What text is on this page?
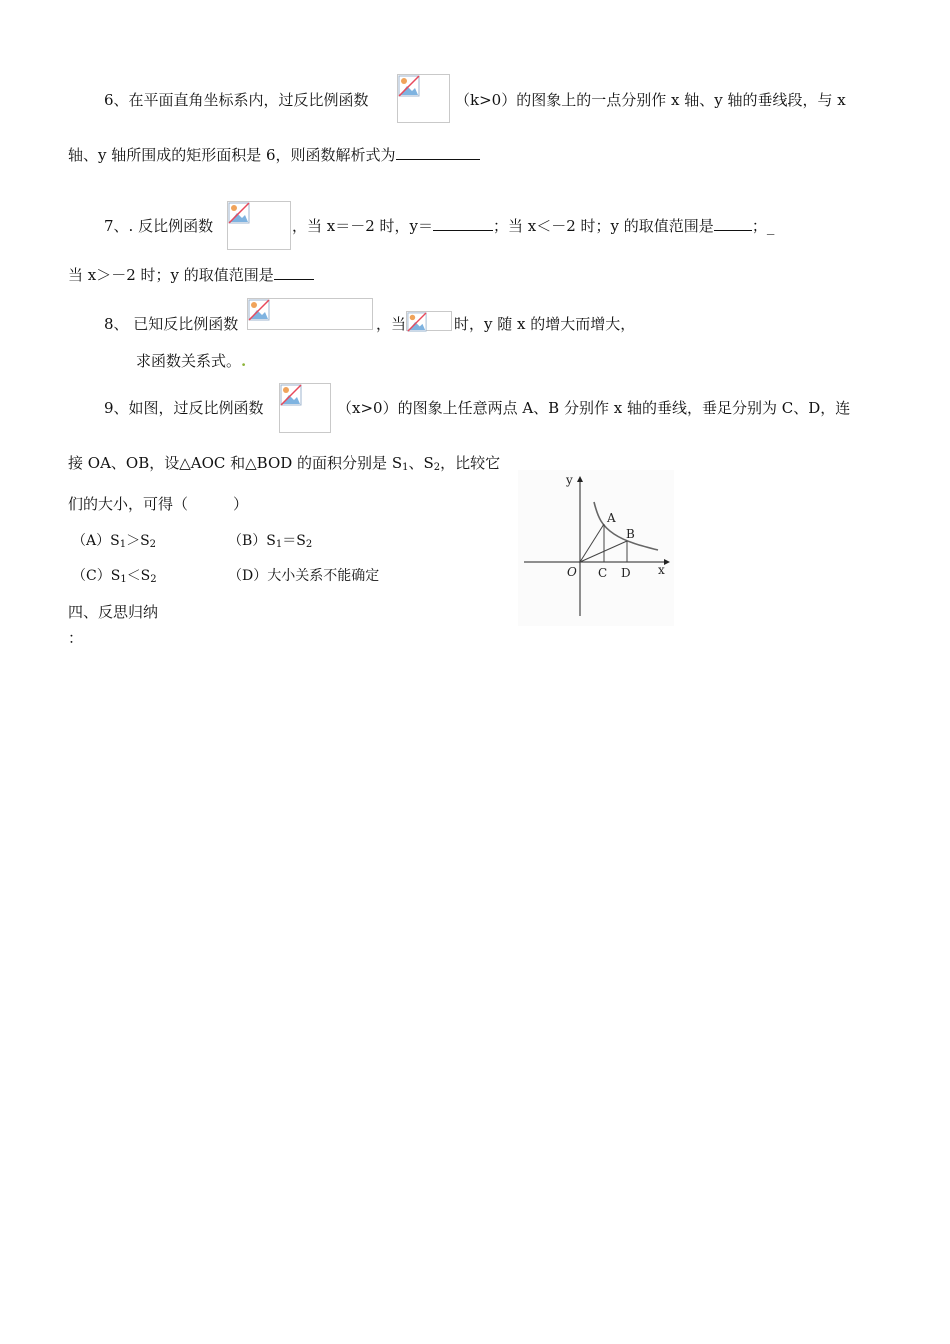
6、在平面直角坐标系内，过反比例函数	（k>0）的图象上的一点分别作 x 轴、y 轴的垂线段，与 x
轴、y 轴所围成的矩形面积是 6，则函数解析式为
7、. 反比例函数	，当 x＝－2 时，y＝	；当 x＜－2 时；y 的取值范围是	；_
当 x＞－2 时；y 的取值范围是
8、 已知反比例函数	，当	时，y 随 x 的增大而增大，
求函数关系式。.
9、如图，过反比例函数	（x>0）的图象上任意两点 A、B 分别作 x 轴的垂线，垂足分别为 C、D，连
接 OA、OB，设△AOC 和△BOD 的面积分别是 $S_1$、$S_2$，比较它
们的大小，可得（　　　）
$(A)S_1>S_2$	$(B)S_1=S_2$
$(C)S_1<S_2$	（D）大小关系不能确定
y
x
O
A
B
C D
四、反思归纳
：
